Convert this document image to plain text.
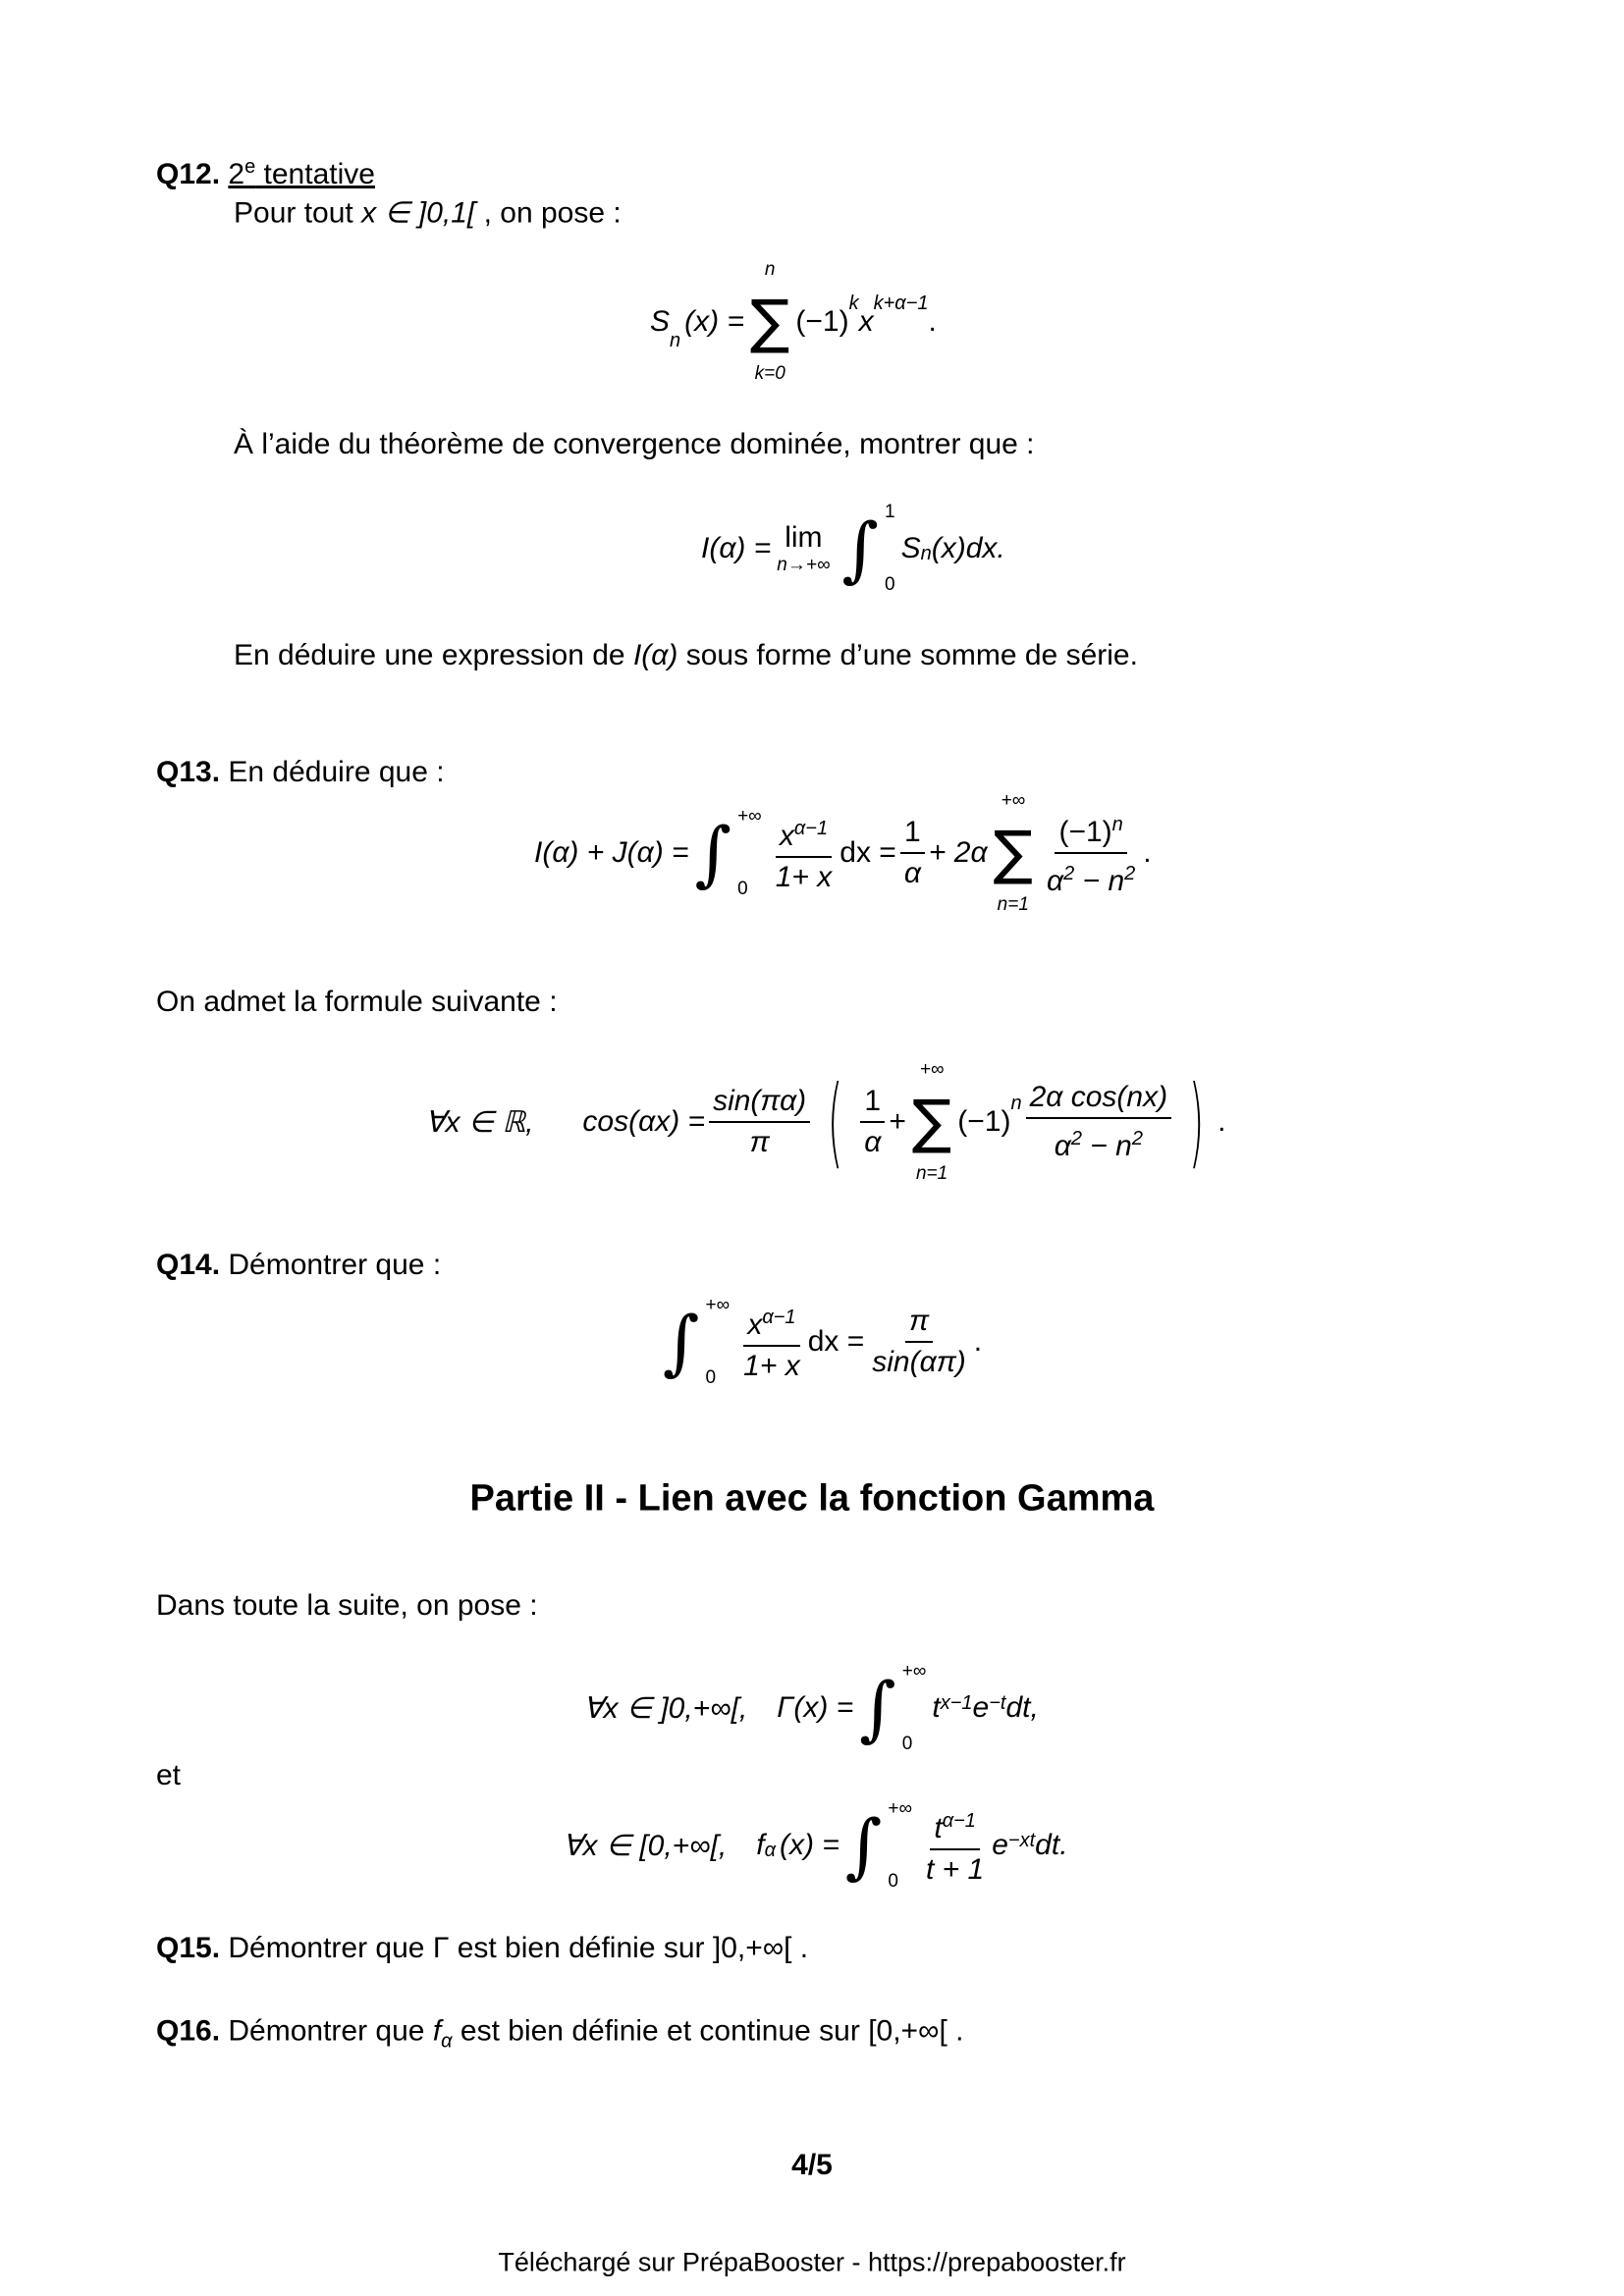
Q12. 2e tentative
Pour tout x ∈ ]0,1[ , on pose :
S
$_n$
(x) =
n
∑
k=0
(−1)
$^k$
x
$^{k+\alpha-1}$
.
À l’aide du théorème de convergence dominée, montrer que :
I(α) = lim
n→+∞ ∫ 1
0
S n (x)dx.
En déduire une expression de I(α) sous forme d’une somme de série.
Q13. En déduire que :
I(α) + J(α) = ∫ +∞
$0 \frac{x^{\alpha-1}}{1+ x}$ dx = $\frac{1}{\alpha} + 2\alpha$
+∞
∑
n=1
$\frac{(-1)^n}{\alpha^2 - n^2}$ .
On admet la formule suivante :
∀x ∈ ℝ, $\cos(\alpha x) = \frac{\sin(\pi\alpha)}{\pi}$ ( $\frac{1}{\alpha}$ +
+∞
∑
n=1
(−1)
$^n \frac{\text{2α cos(nx)}}{\alpha^2 - n^2}$ ) .
Q14. Démontrer que :
∫ +∞
$0 \frac{x^{\alpha-1}}{1+ x}$ dx = $\frac{\pi}{\sin(\alpha\pi)}$ .
Partie II - Lien avec la fonction Gamma
Dans toute la suite, on pose :
∀x ∈ ]0,+∞[, Γ(x) = ∫ +∞
0
t x−1 e −t dt,
et
∀x ∈ [0,+∞[, f α (x) = ∫ +∞
$0 \frac{t^{\alpha-1}}{t + 1}$ e −xt dt.
Q15. Démontrer que Γ est bien définie sur ]0,+∞[ .
Q16. Démontrer que $f_\alpha$ est bien définie et continue sur [0,+∞[ .
4/5
Téléchargé sur PrépaBooster - https://prepabooster.fr
